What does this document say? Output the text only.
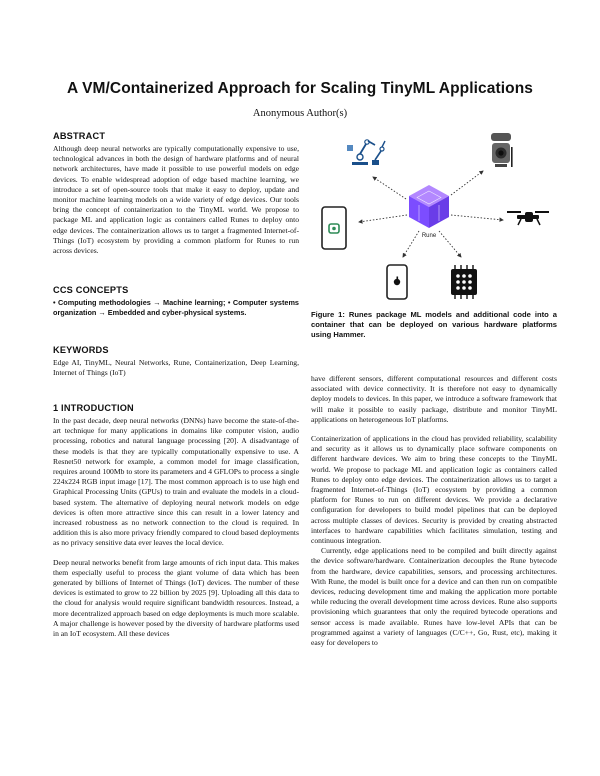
A VM/Containerized Approach for Scaling TinyML Applications
Anonymous Author(s)
ABSTRACT

Although deep neural networks are typically computationally expensive to use, technological advances in both the design of hardware platforms and of neural network architectures, have made it possible to use powerful models on edge devices. To enable widespread adoption of edge based machine learning, we introduce a set of open-source tools that make it easy to deploy, update and monitor machine learning models on a wide variety of edge devices. Our tools bring the concept of containerization to the TinyML world. We propose to package ML and application logic as containers called Runes to deploy onto edge devices. The containerization allows us to target a fragmented Internet-of-Things (IoT) ecosystem by providing a common platform for Runes to run across devices.

CCS CONCEPTS

• Computing methodologies → Machine learning; • Computer systems organization → Embedded and cyber-physical systems.

KEYWORDS

Edge AI, TinyML, Neural Networks, Rune, Containerization, Deep Learning, Internet of Things (IoT)

1 INTRODUCTION

In the past decade, deep neural networks (DNNs) have become the state-of-the-art technique for many applications in domains like computer vision, audio processing, robotics and natural language processing [20]. A disadvantage of these models is that they are typically computationally expensive to use. A Resnet50 network for example, a common model for image classification, requires around 100Mb to store its parameters and 4 GFLOPs to process a single 224x224 RGB input image [17]. The most common approach is to use high end Graphical Processing Units (GPUs) to train and evaluate the models in a cloud-based system. The alternative of deploying neural network models on edge devices is often more attractive since this can result in a lower latency and increased robustness as no network connection to the cloud is required. In addition this is also more privacy friendly compared to cloud based deployments as no privacy sensitive data ever leaves the local device.

Deep neural networks benefit from large amounts of rich input data. This makes them especially useful to process the giant volume of data which has been generated by billions of Internet of Things (IoT) devices. The number of these devices is estimated to grow to 22 billion by 2025 [9]. Uploading all this data to the cloud for analysis would require significant bandwidth resources. Instead, a more decentralized approach based on edge deployments is much more scalable. A major challenge is however posed by the diversity of hardware platforms used in an IoT ecosystem. All these devices

Rune

Figure 1: Runes package ML models and additional code into a container that can be deployed on various hardware platforms using Hammer.

have different sensors, different computational resources and different costs associated with device connectivity. It is therefore not easy to dynamically deploy models to devices. In this paper, we introduce a software framework that will make it possible to easily package, distribute and monitor TinyML applications on heterogeneous IoT platforms.

Containerization of applications in the cloud has provided reliability, scalability and security as it allows us to dynamically place software components on different hardware devices. We aim to bring these concepts to the TinyML world. We propose to package ML and application logic as containers called Runes to deploy onto edge devices. The containerization allows us to target a fragmented Internet-of-Things (IoT) ecosystem by providing a common platform for Runes to run on different devices. We provide a declarative configuration for developers to build model pipelines that can be deployed across multiple classes of devices. Security is provided by creating abstracted interfaces to hardware capabilities which facilitates simulation, testing and continuous integration.

Currently, edge applications need to be compiled and built directly against the device software/hardware. Containerization decouples the Rune bytecode from the hardware, device capabilities, sensors, and processing architectures. With Rune, the model is built once for a device and can then run on compatible devices, reducing development time and making the application more portable while reducing the overall development time across devices. Rune also supports provisioning which guarantees that only the required bytecode operations and sensor access is made available. Runes have low-level APIs that can be programmed against a variety of languages (C/C++, Go, Rust, etc), making it easy for developers to
